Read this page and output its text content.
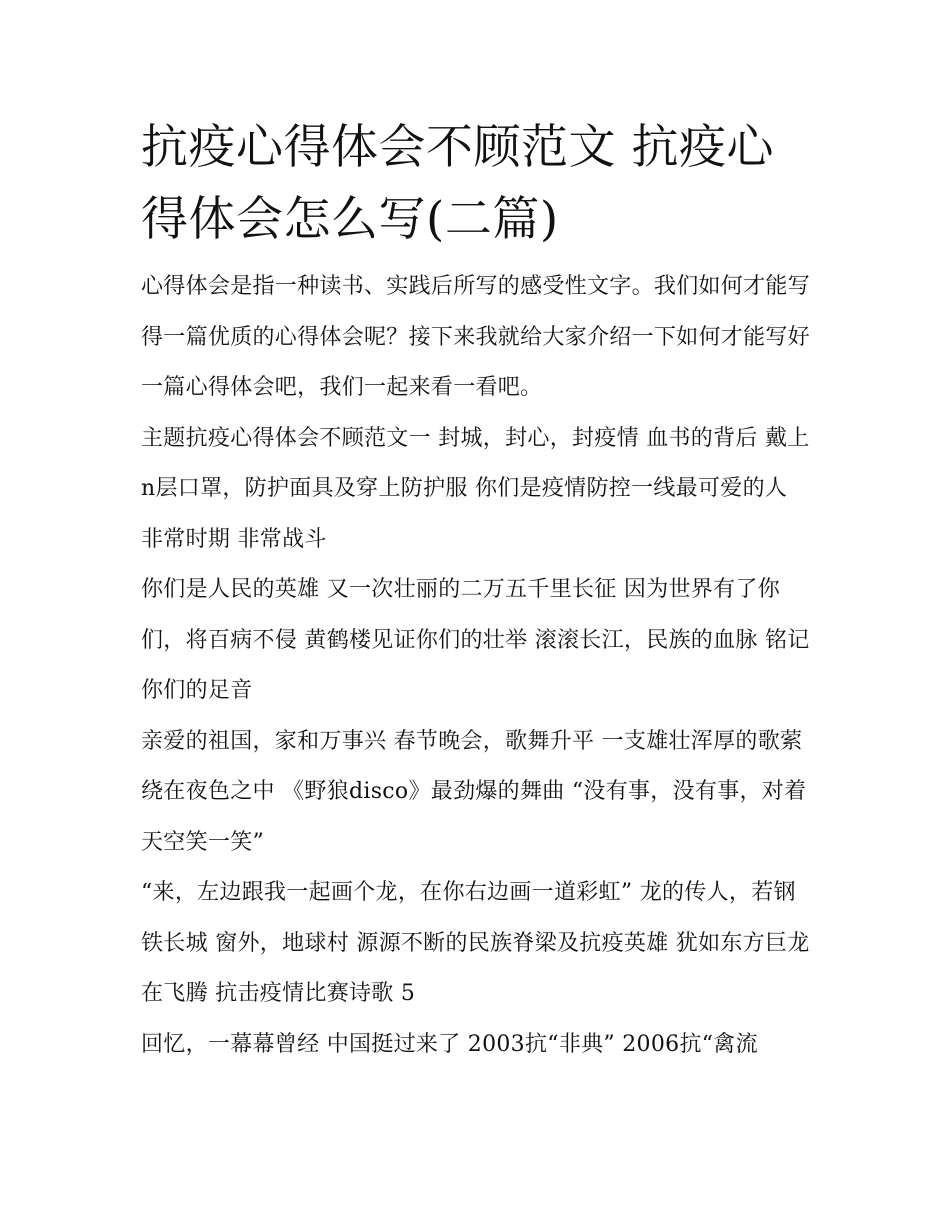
抗疫心得体会不顾范文 抗疫心得体会怎么写(二篇)

心得体会是指一种读书、实践后所写的感受性文字。我们如何才能写得一篇优质的心得体会呢？接下来我就给大家介绍一下如何才能写好一篇心得体会吧，我们一起来看一看吧。

主题抗疫心得体会不顾范文一 封城，封心，封疫情 血书的背后 戴上n层口罩，防护面具及穿上防护服 你们是疫情防控一线最可爱的人 非常时期 非常战斗

你们是人民的英雄 又一次壮丽的二万五千里长征 因为世界有了你们，将百病不侵 黄鹤楼见证你们的壮举 滚滚长江，民族的血脉 铭记你们的足音

亲爱的祖国，家和万事兴 春节晚会，歌舞升平 一支雄壮浑厚的歌萦绕在夜色之中 《野狼disco》最劲爆的舞曲 “没有事，没有事，对着天空笑一笑”

“来，左边跟我一起画个龙，在你右边画一道彩虹” 龙的传人，若钢铁长城 窗外，地球村 源源不断的民族脊梁及抗疫英雄 犹如东方巨龙在飞腾 抗击疫情比赛诗歌 5

回忆，一幕幕曾经 中国挺过来了 2003抗“非典” 2006抗“禽流
